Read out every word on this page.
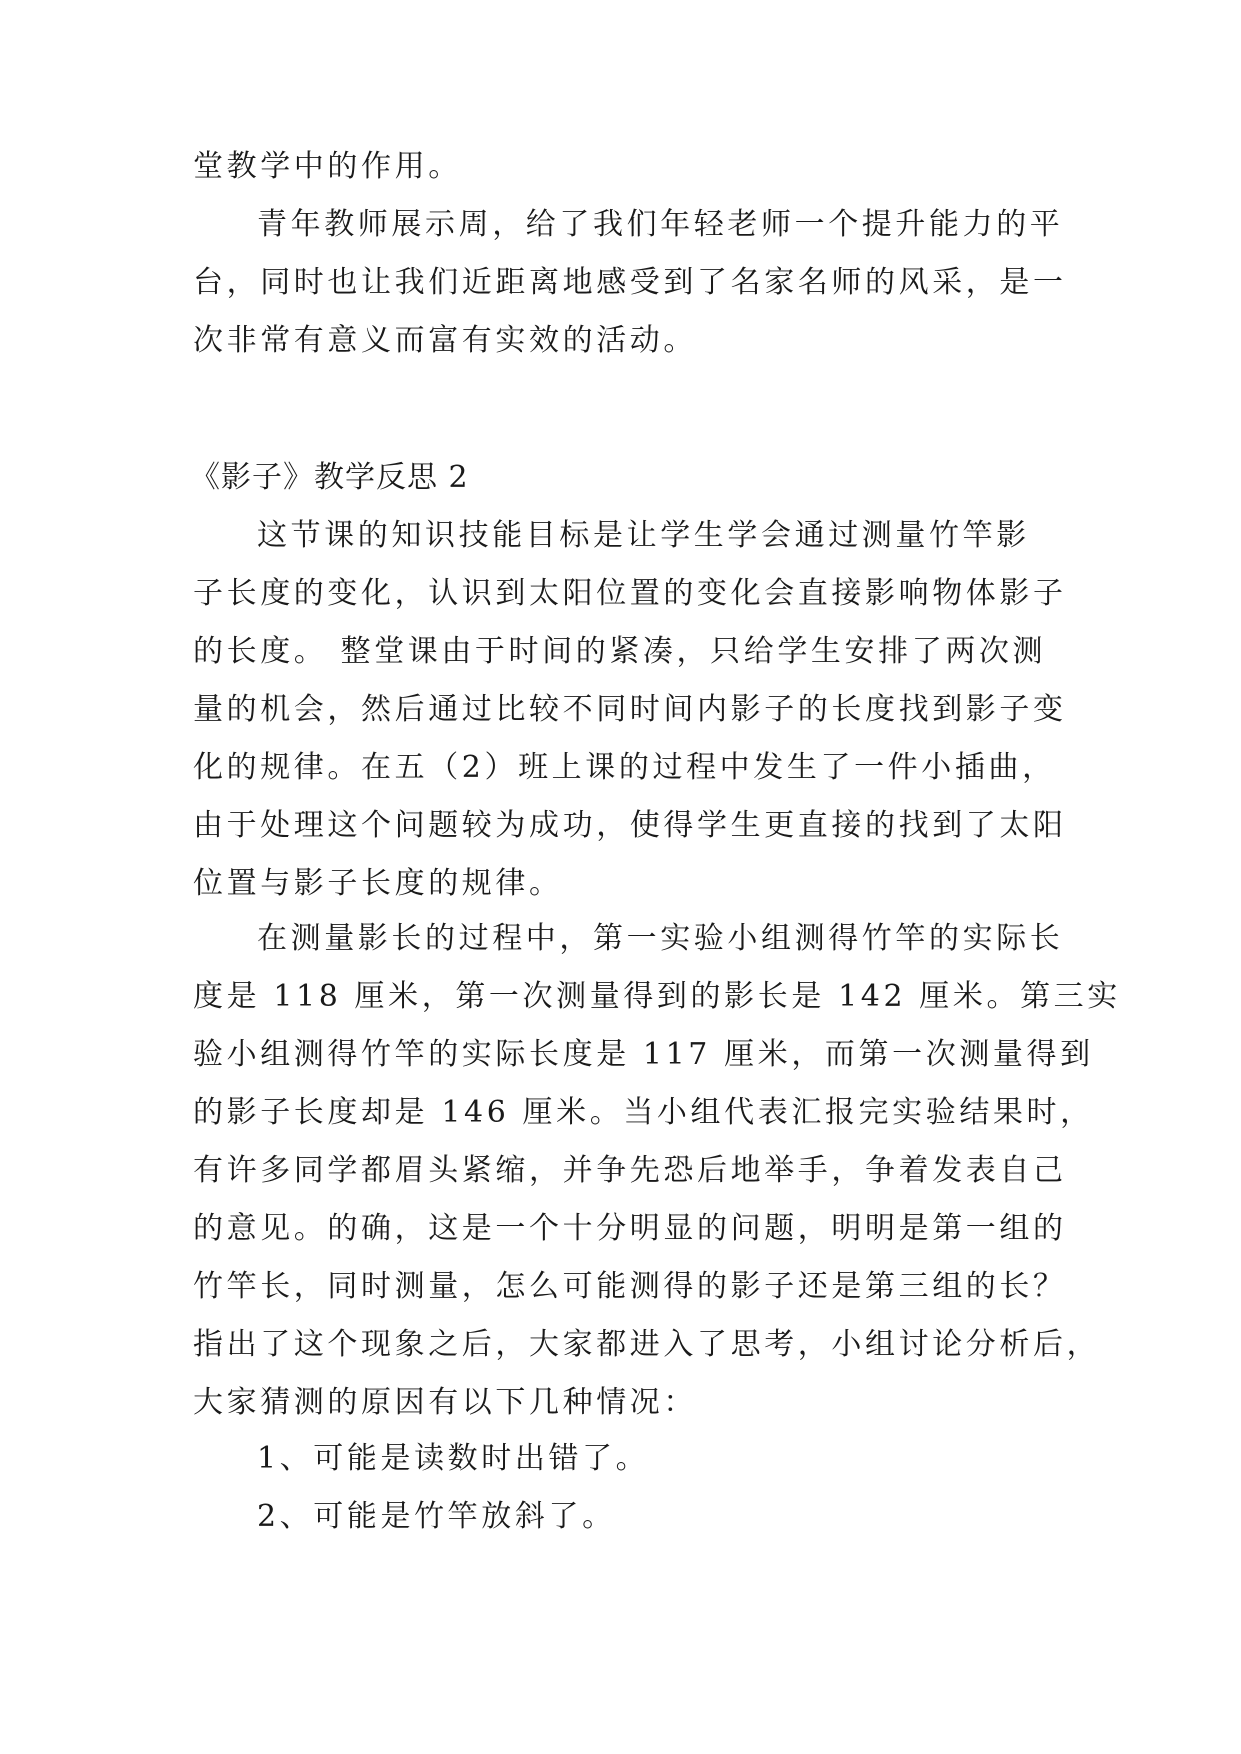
堂教学中的作用。
青年教师展示周，给了我们年轻老师一个提升能力的平
台，同时也让我们近距离地感受到了名家名师的风采，是一
次非常有意义而富有实效的活动。
《影子》教学反思 2
这节课的知识技能目标是让学生学会通过测量竹竿影
子长度的变化，认识到太阳位置的变化会直接影响物体影子
的长度。 整堂课由于时间的紧凑，只给学生安排了两次测
量的机会，然后通过比较不同时间内影子的长度找到影子变
化的规律。在五（2）班上课的过程中发生了一件小插曲，
由于处理这个问题较为成功，使得学生更直接的找到了太阳
位置与影子长度的规律。
在测量影长的过程中，第一实验小组测得竹竿的实际长
度是 118 厘米，第一次测量得到的影长是 142 厘米。第三实
验小组测得竹竿的实际长度是 117 厘米，而第一次测量得到
的影子长度却是 146 厘米。当小组代表汇报完实验结果时，
有许多同学都眉头紧缩，并争先恐后地举手，争着发表自己
的意见。的确，这是一个十分明显的问题，明明是第一组的
竹竿长，同时测量，怎么可能测得的影子还是第三组的长？
指出了这个现象之后，大家都进入了思考，小组讨论分析后，
大家猜测的原因有以下几种情况：
1、可能是读数时出错了。
2、可能是竹竿放斜了。
